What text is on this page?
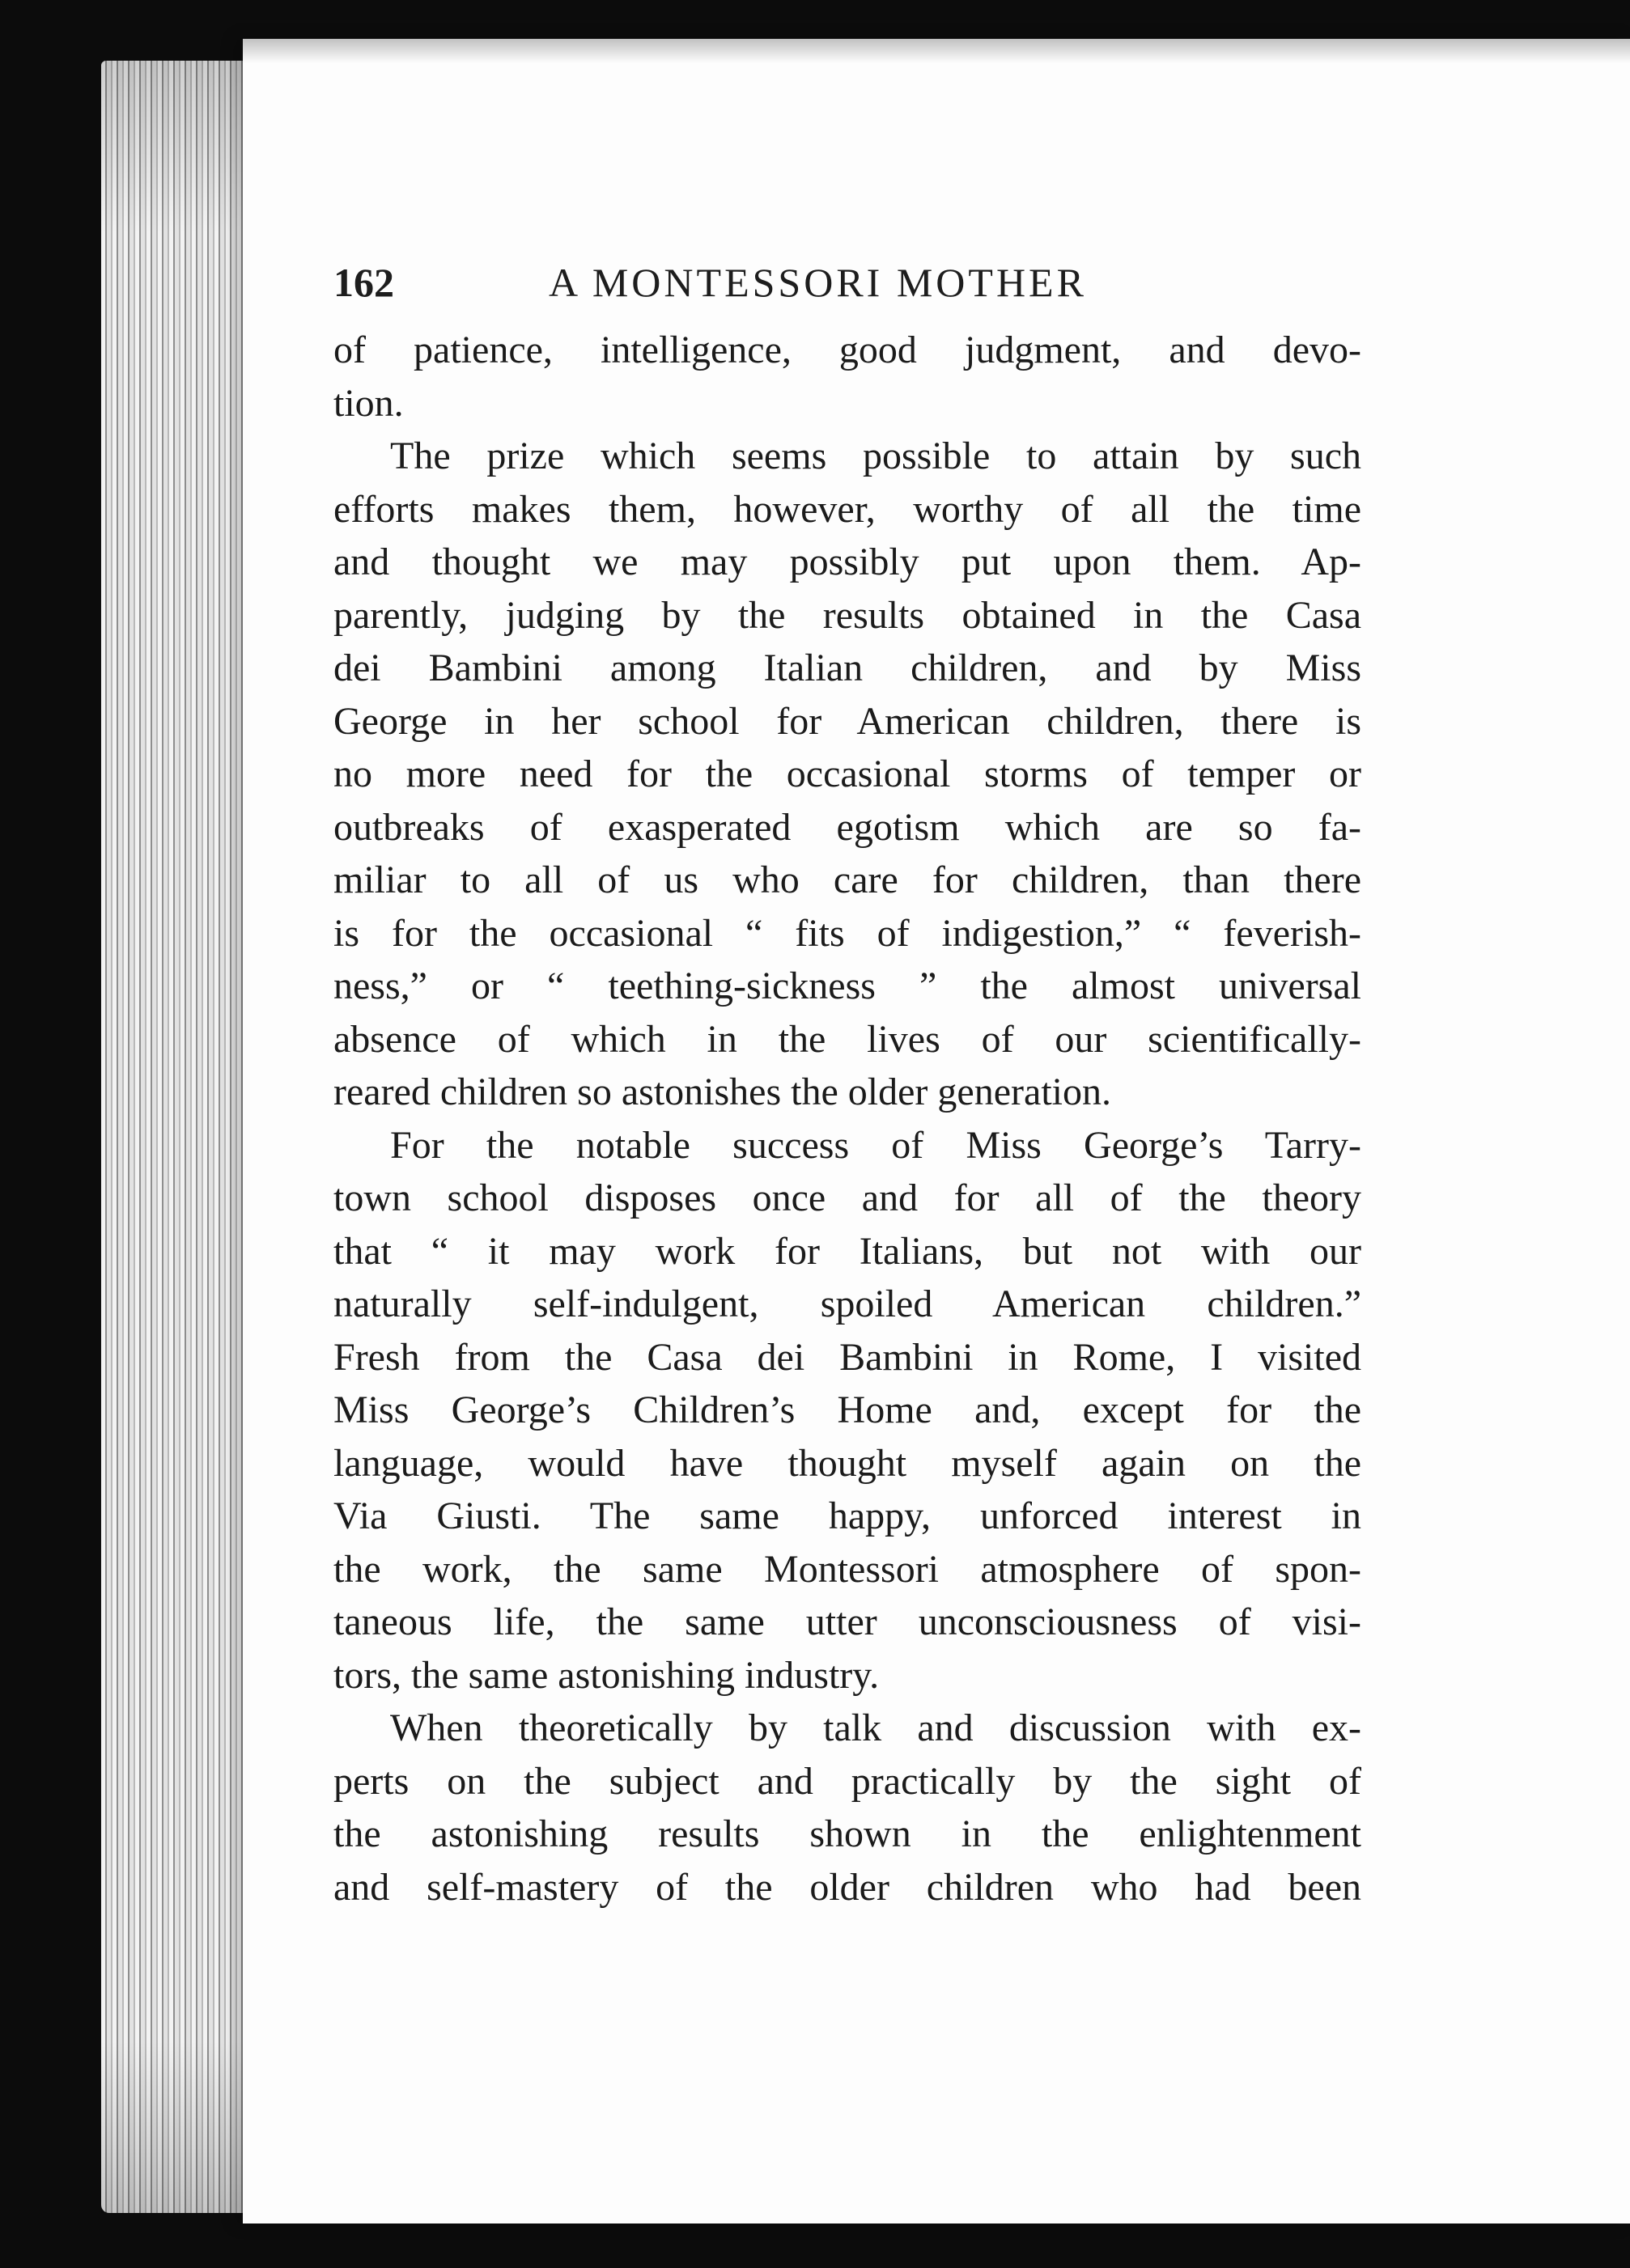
162	A MONTESSORI MOTHER
of patience, intelligence, good judgment, and devo-
tion.
The prize which seems possible to attain by such
efforts makes them, however, worthy of all the time
and thought we may possibly put upon them. Ap-
parently, judging by the results obtained in the Casa
dei Bambini among Italian children, and by Miss
George in her school for American children, there is
no more need for the occasional storms of temper or
outbreaks of exasperated egotism which are so fa-
miliar to all of us who care for children, than there
is for the occasional “ fits of indigestion,” “ feverish-
ness,” or “ teething-sickness ” the almost universal
absence of which in the lives of our scientifically-
reared children so astonishes the older generation.
For the notable success of Miss George’s Tarry-
town school disposes once and for all of the theory
that “ it may work for Italians, but not with our
naturally self-indulgent, spoiled American children.”
Fresh from the Casa dei Bambini in Rome, I visited
Miss George’s Children’s Home and, except for the
language, would have thought myself again on the
Via Giusti. The same happy, unforced interest in
the work, the same Montessori atmosphere of spon-
taneous life, the same utter unconsciousness of visi-
tors, the same astonishing industry.
When theoretically by talk and discussion with ex-
perts on the subject and practically by the sight of
the astonishing results shown in the enlightenment
and self-mastery of the older children who had been
